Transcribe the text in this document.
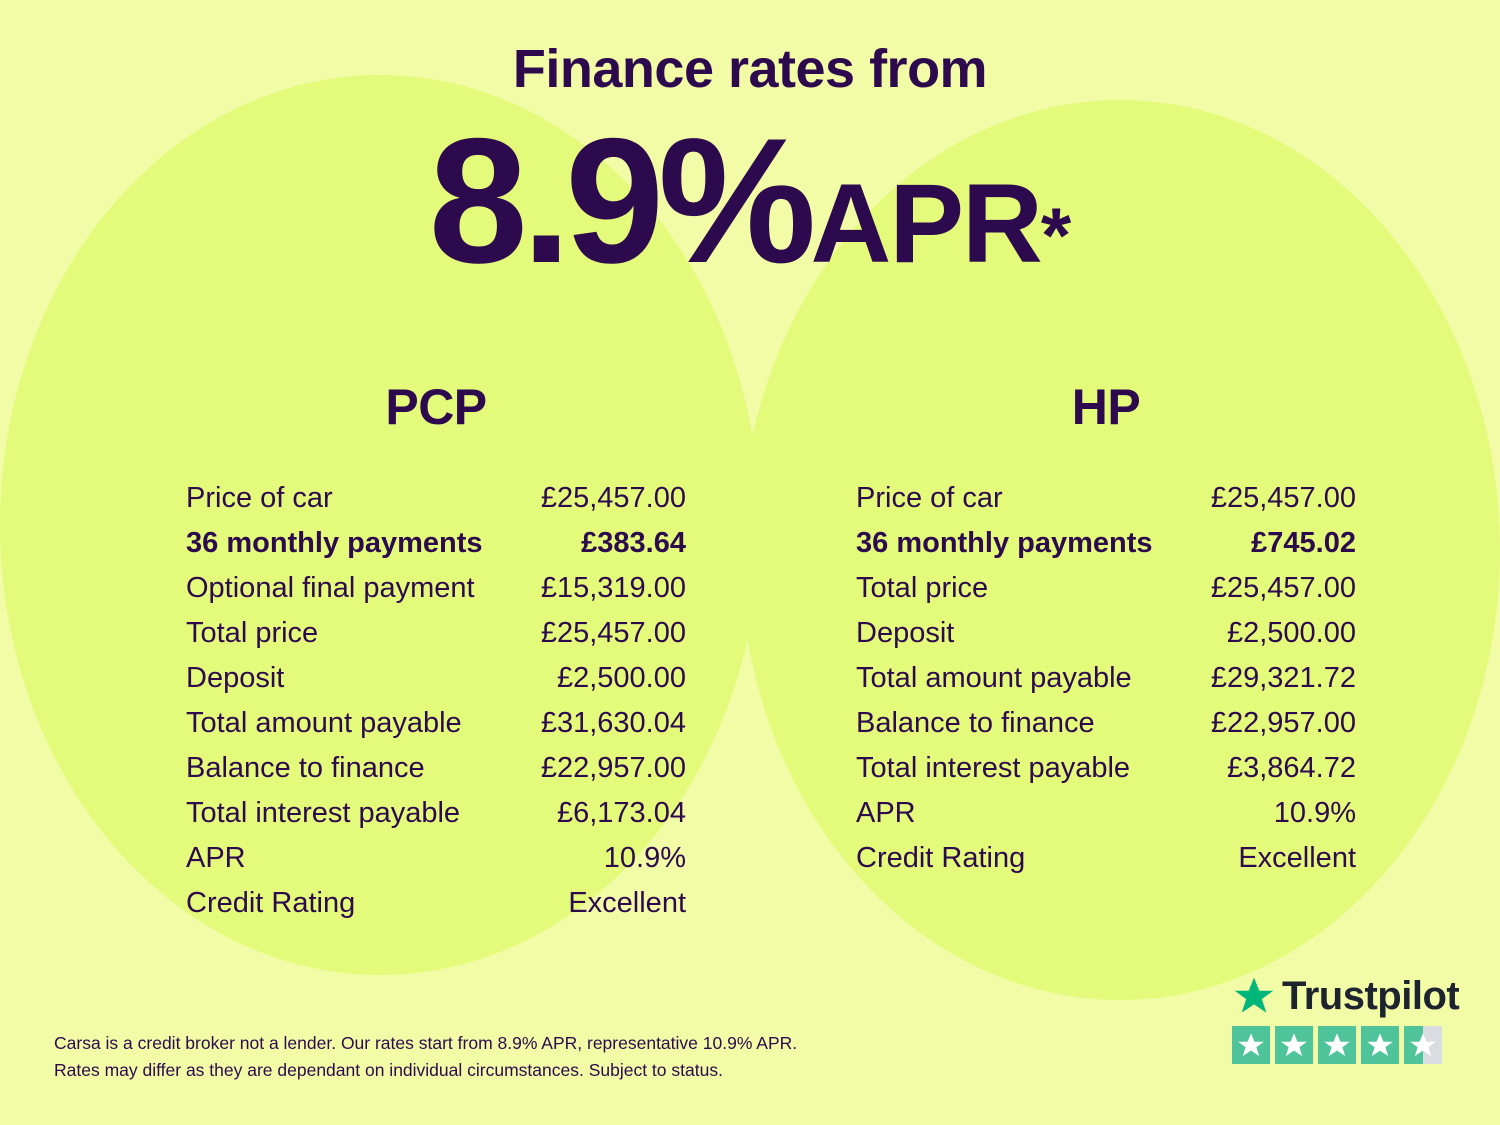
Finance rates from
8.9%APR*
PCP
Price of car	£25,457.00
36 monthly payments	£383.64
Optional final payment £15,319.00
Total price	£25,457.00
Deposit	£2,500.00
Total amount payable	£31,630.04
Balance to finance	£22,957.00
Total interest payable	£6,173.04
APR	10.9%
Credit Rating	Excellent
HP
Price of car	£25,457.00
36 monthly payments	£745.02
Total price	£25,457.00
Deposit	£2,500.00
Total amount payable	£29,321.72
Balance to finance	£22,957.00
Total interest payable	£3,864.72
APR	10.9%
Credit Rating	Excellent
Carsa is a credit broker not a lender. Our rates start from 8.9% APR, representative 10.9% APR.
Rates may differ as they are dependant on individual circumstances. Subject to status.
Trustpilot
